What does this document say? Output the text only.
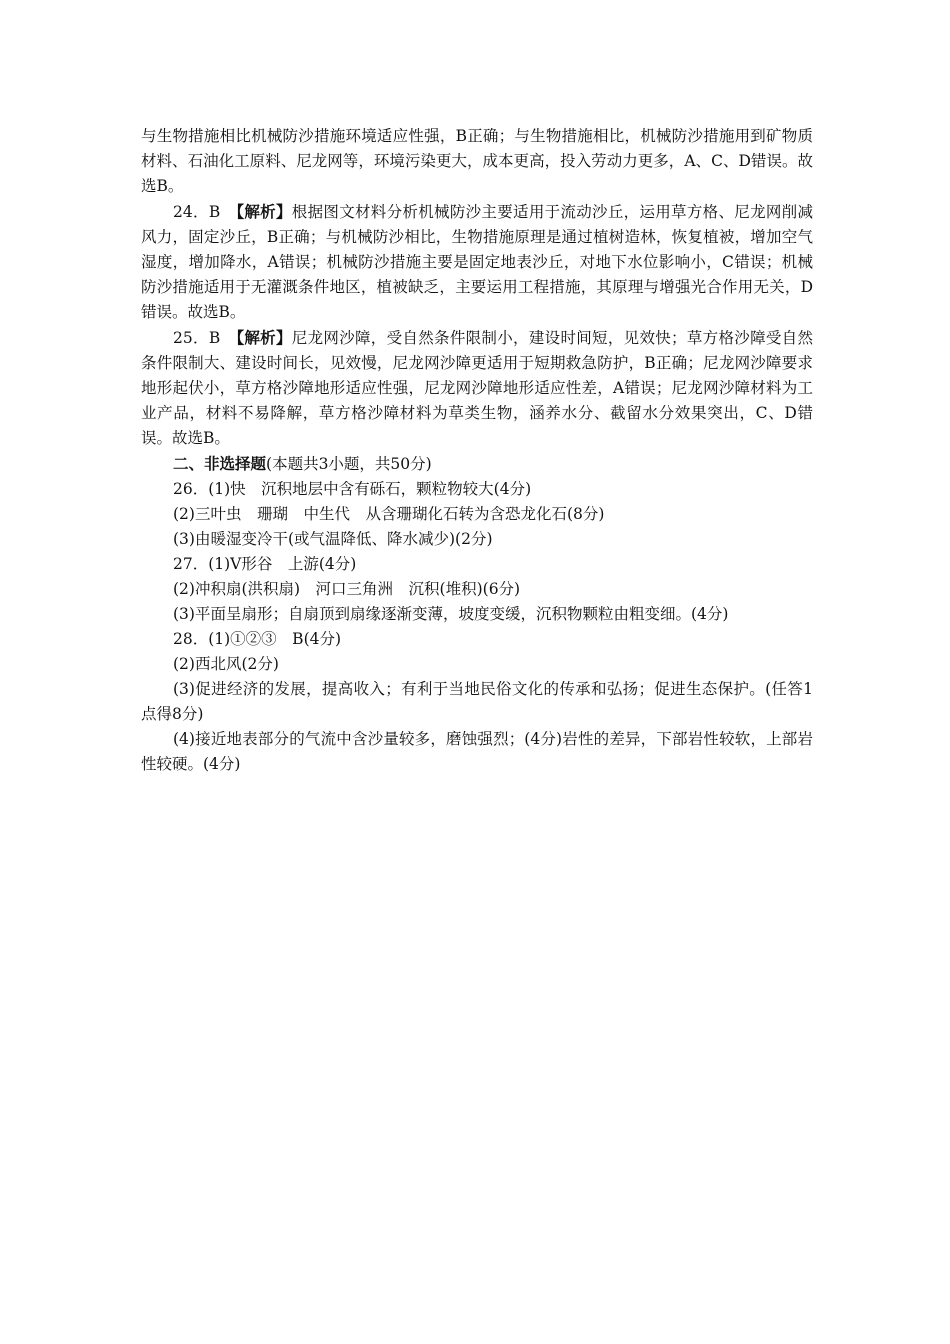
与生物措施相比机械防沙措施环境适应性强，B正确；与生物措施相比，机械防沙措施用到矿物质材料、石油化工原料、尼龙网等，环境污染更大，成本更高，投入劳动力更多，A、C、D错误。故选B。

24．B　【解析】根据图文材料分析机械防沙主要适用于流动沙丘，运用草方格、尼龙网削减风力，固定沙丘，B正确；与机械防沙相比，生物措施原理是通过植树造林，恢复植被，增加空气湿度，增加降水，A错误；机械防沙措施主要是固定地表沙丘，对地下水位影响小，C错误；机械防沙措施适用于无灌溉条件地区，植被缺乏，主要运用工程措施，其原理与增强光合作用无关，D错误。故选B。

25．B　【解析】尼龙网沙障，受自然条件限制小，建设时间短，见效快；草方格沙障受自然条件限制大、建设时间长，见效慢，尼龙网沙障更适用于短期救急防护，B正确；尼龙网沙障要求地形起伏小，草方格沙障地形适应性强，尼龙网沙障地形适应性差，A错误；尼龙网沙障材料为工业产品，材料不易降解，草方格沙障材料为草类生物，涵养水分、截留水分效果突出，C、D错误。故选B。

二、非选择题(本题共3小题，共50分)

26．(1)快　沉积地层中含有砾石，颗粒物较大(4分)

(2)三叶虫　珊瑚　中生代　从含珊瑚化石转为含恐龙化石(8分)

(3)由暖湿变冷干(或气温降低、降水减少)(2分)

27．(1)V形谷　上游(4分)

(2)冲积扇(洪积扇)　河口三角洲　沉积(堆积)(6分)

(3)平面呈扇形；自扇顶到扇缘逐渐变薄，坡度变缓，沉积物颗粒由粗变细。(4分)

28．(1)①②③　B(4分)

(2)西北风(2分)

(3)促进经济的发展，提高收入；有利于当地民俗文化的传承和弘扬；促进生态保护。(任答1点得8分)

(4)接近地表部分的气流中含沙量较多，磨蚀强烈；(4分)岩性的差异，下部岩性较软，上部岩性较硬。(4分)
